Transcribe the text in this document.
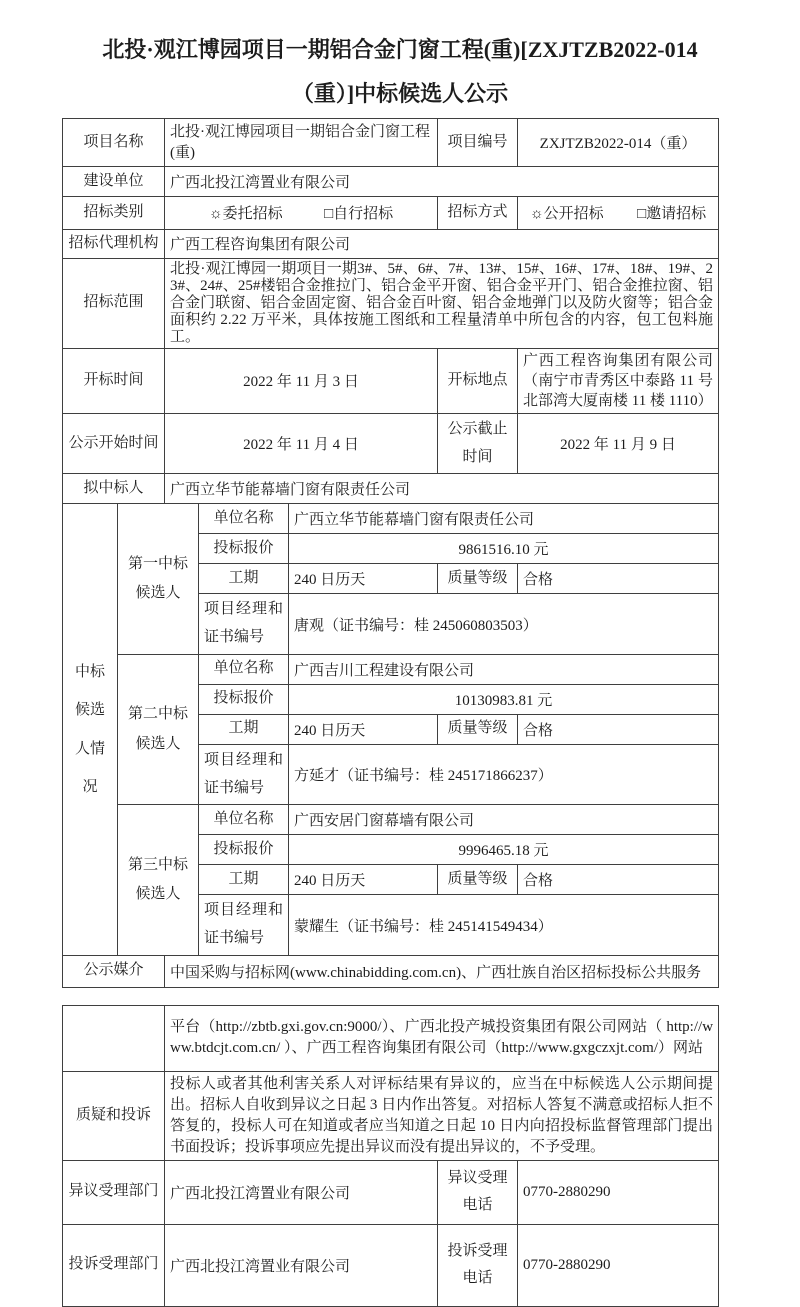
北投·观江博园项目一期铝合金门窗工程(重)[ZXJTZB2022-014
（重）]中标候选人公示
项目名称	北投·观江博园项目一期铝合金门窗工程(重)	项目编号	ZXJTZB2022-014（重）
建设单位	广西北投江湾置业有限公司		
招标类别	☼委托招标 □自行招标	招标方式	☼公开招标 □邀请招标
招标代理机构	广西工程咨询集团有限公司		
招标范围	北投·观江博园一期项目一期3#、5#、6#、7#、13#、15#、16#、17#、18#、19#、23#、24#、25#楼铝合金推拉门、铝合金平开窗、铝合金平开门、铝合金推拉窗、铝合金门联窗、铝合金固定窗、铝合金百叶窗、铝合金地弹门以及防火窗等；铝合金面积约 2.22 万平米，具体按施工图纸和工程量清单中所包含的内容，包工包料施工。		
开标时间	2022 年 11 月 3 日	开标地点	广西工程咨询集团有限公司（南宁市青秀区中泰路 11 号北部湾大厦南楼 11 楼 1110）
公示开始时间	2022 年 11 月 4 日	公示截止时间	2022 年 11 月 9 日
拟中标人	广西立华节能幕墙门窗有限责任公司		
中标候选人情况	第一中标候选人	单位名称	广西立华节能幕墙门窗有限责任公司		
		投标报价	9861516.10 元		
		工期	240 日历天	质量等级	合格
		项目经理和证书编号	唐观（证书编号：桂 245060803503）		
	第二中标候选人	单位名称	广西吉川工程建设有限公司		
		投标报价	10130983.81 元		
		工期	240 日历天	质量等级	合格
		项目经理和证书编号	方延才（证书编号：桂 245171866237）		
	第三中标候选人	单位名称	广西安居门窗幕墙有限公司		
		投标报价	9996465.18 元		
		工期	240 日历天	质量等级	合格
		项目经理和证书编号	蒙耀生（证书编号：桂 245141549434）		
公示媒介	中国采购与招标网(www.chinabidding.com.cn)、广西壮族自治区招标投标公共服务
	平台（http://zbtb.gxi.gov.cn:9000/）、广西北投产城投资集团有限公司网站（ http://www.btdcjt.com.cn/ ）、广西工程咨询集团有限公司（http://www.gxgczxjt.com/）网站		
质疑和投诉	投标人或者其他利害关系人对评标结果有异议的，应当在中标候选人公示期间提出。招标人自收到异议之日起 3 日内作出答复。对招标人答复不满意或招标人拒不答复的，投标人可在知道或者应当知道之日起 10 日内向招投标监督管理部门提出书面投诉；投诉事项应先提出异议而没有提出异议的，不予受理。		
异议受理部门	广西北投江湾置业有限公司	异议受理电话	0770-2880290
投诉受理部门	广西北投江湾置业有限公司	投诉受理电话	0770-2880290
